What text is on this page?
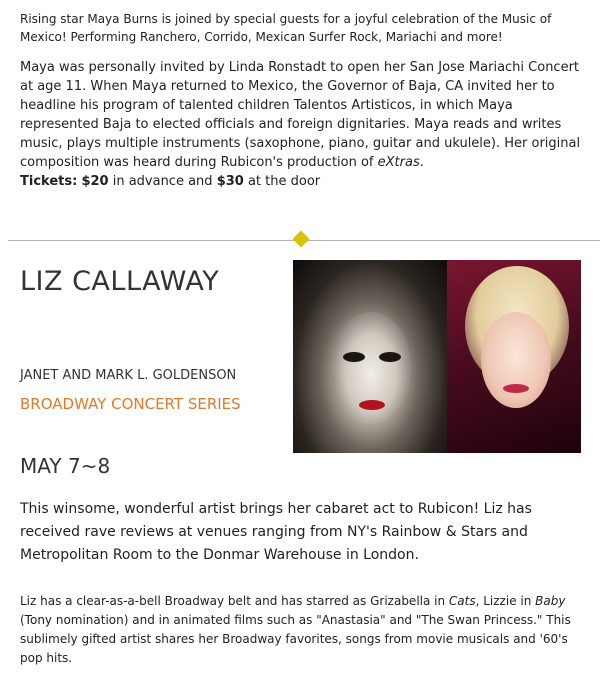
Rising star Maya Burns is joined by special guests for a joyful celebration of the Music of Mexico! Performing Ranchero, Corrido, Mexican Surfer Rock, Mariachi and more!

Maya was personally invited by Linda Ronstadt to open her San Jose Mariachi Concert at age 11. When Maya returned to Mexico, the Governor of Baja, CA invited her to headline his program of talented children Talentos Artisticos, in which Maya represented Baja to elected officials and foreign dignitaries. Maya reads and writes music, plays multiple instruments (saxophone, piano, guitar and ukulele). Her original composition was heard during Rubicon's production of eXtras.

Tickets: $20 in advance and $30 at the door

LIZ CALLAWAY

JANET AND MARK L. GOLDENSON

BROADWAY CONCERT SERIES

MAY 7~8

This winsome, wonderful artist brings her cabaret act to Rubicon! Liz has received rave reviews at venues ranging from NY's Rainbow & Stars and Metropolitan Room to the Donmar Warehouse in London.

Liz has a clear-as-a-bell Broadway belt and has starred as Grizabella in Cats, Lizzie in Baby (Tony nomination) and in animated films such as "Anastasia" and "The Swan Princess." This sublimely gifted artist shares her Broadway favorites, songs from movie musicals and '60's pop hits.
